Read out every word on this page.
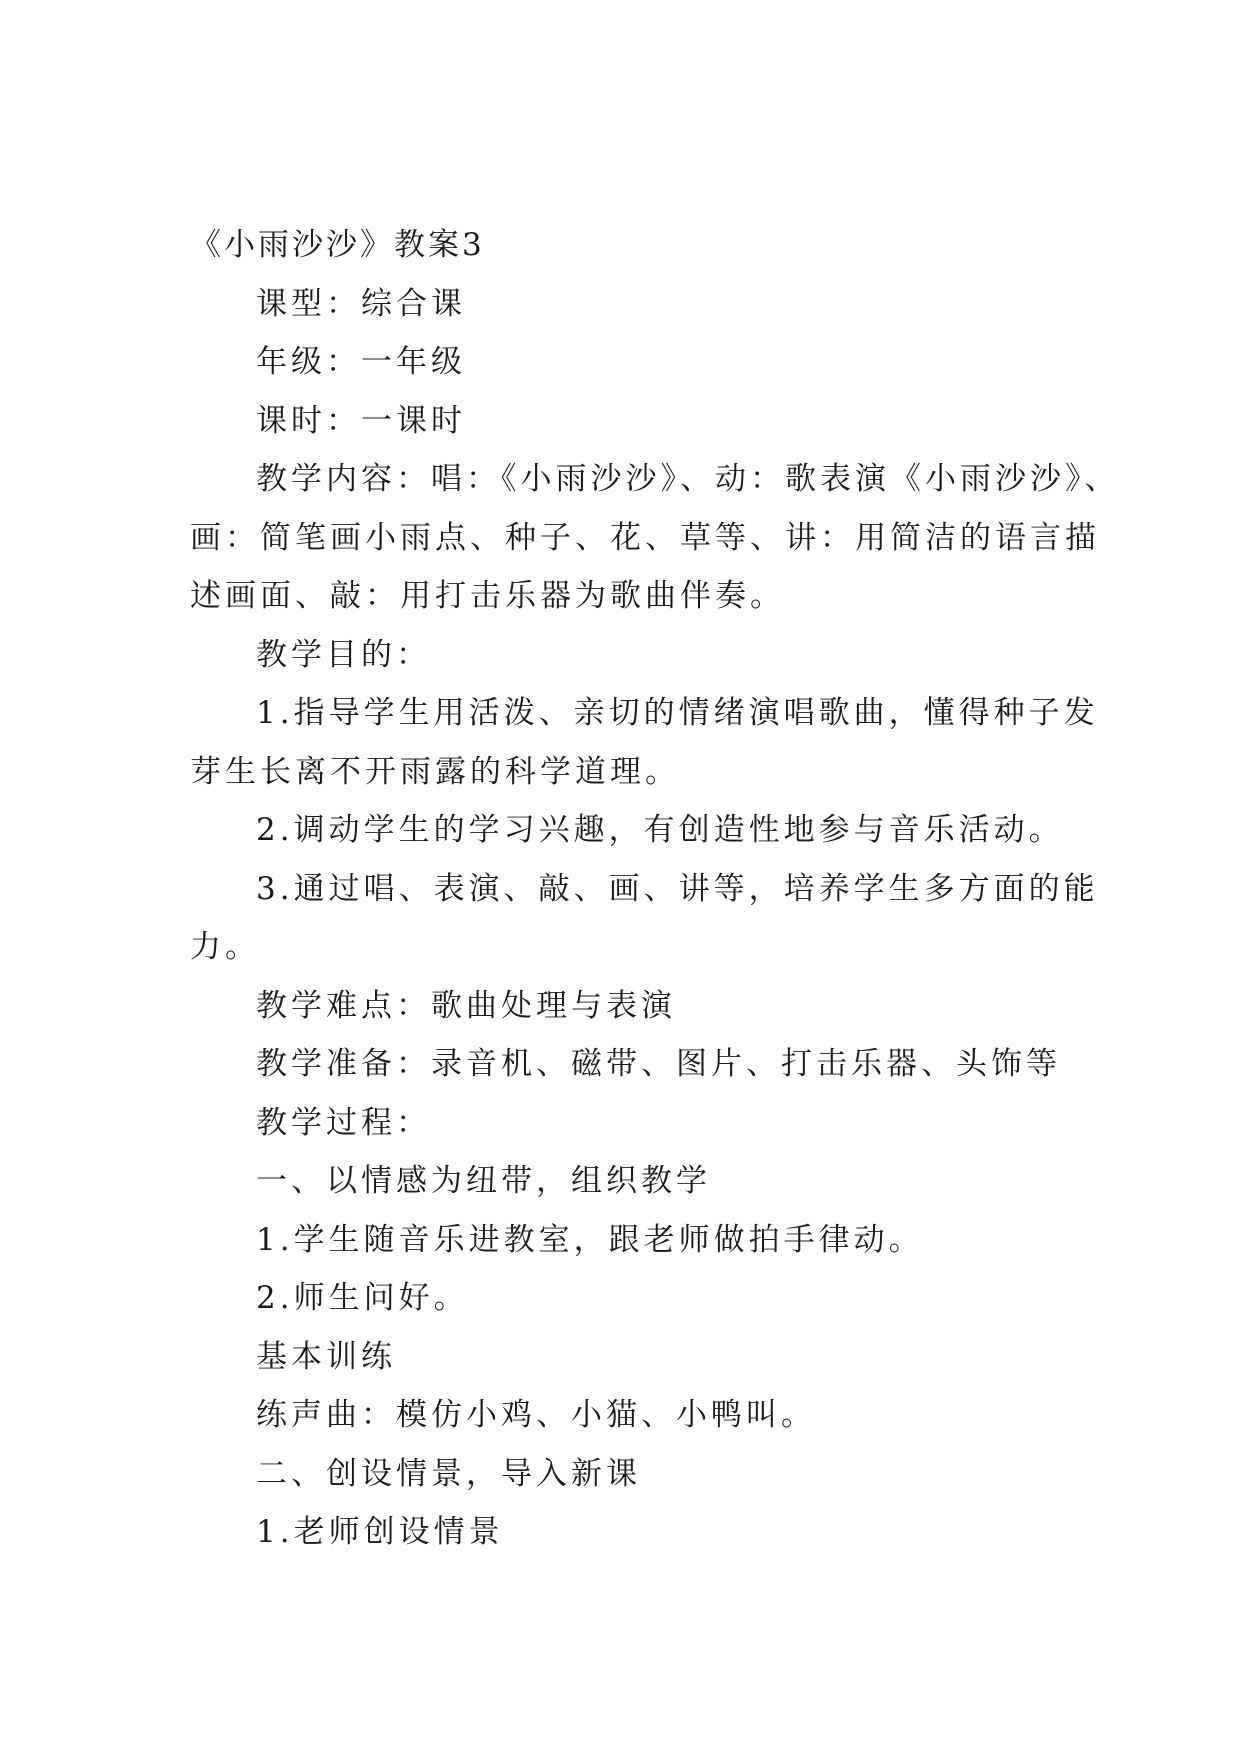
《小雨沙沙》教案3

课型：综合课

年级：一年级

课时：一课时

教学内容：唱：《小雨沙沙》、动：歌表演《小雨沙沙》、
画：简笔画小雨点、种子、花、草等、讲：用简洁的语言描
述画面、敲：用打击乐器为歌曲伴奏。

教学目的：

1.指导学生用活泼、亲切的情绪演唱歌曲，懂得种子发
芽生长离不开雨露的科学道理。

2.调动学生的学习兴趣，有创造性地参与音乐活动。

3.通过唱、表演、敲、画、讲等，培养学生多方面的能
力。

教学难点：歌曲处理与表演

教学准备：录音机、磁带、图片、打击乐器、头饰等

教学过程：

一、以情感为纽带，组织教学

1.学生随音乐进教室，跟老师做拍手律动。

2.师生问好。

基本训练

练声曲：模仿小鸡、小猫、小鸭叫。

二、创设情景，导入新课

1.老师创设情景
